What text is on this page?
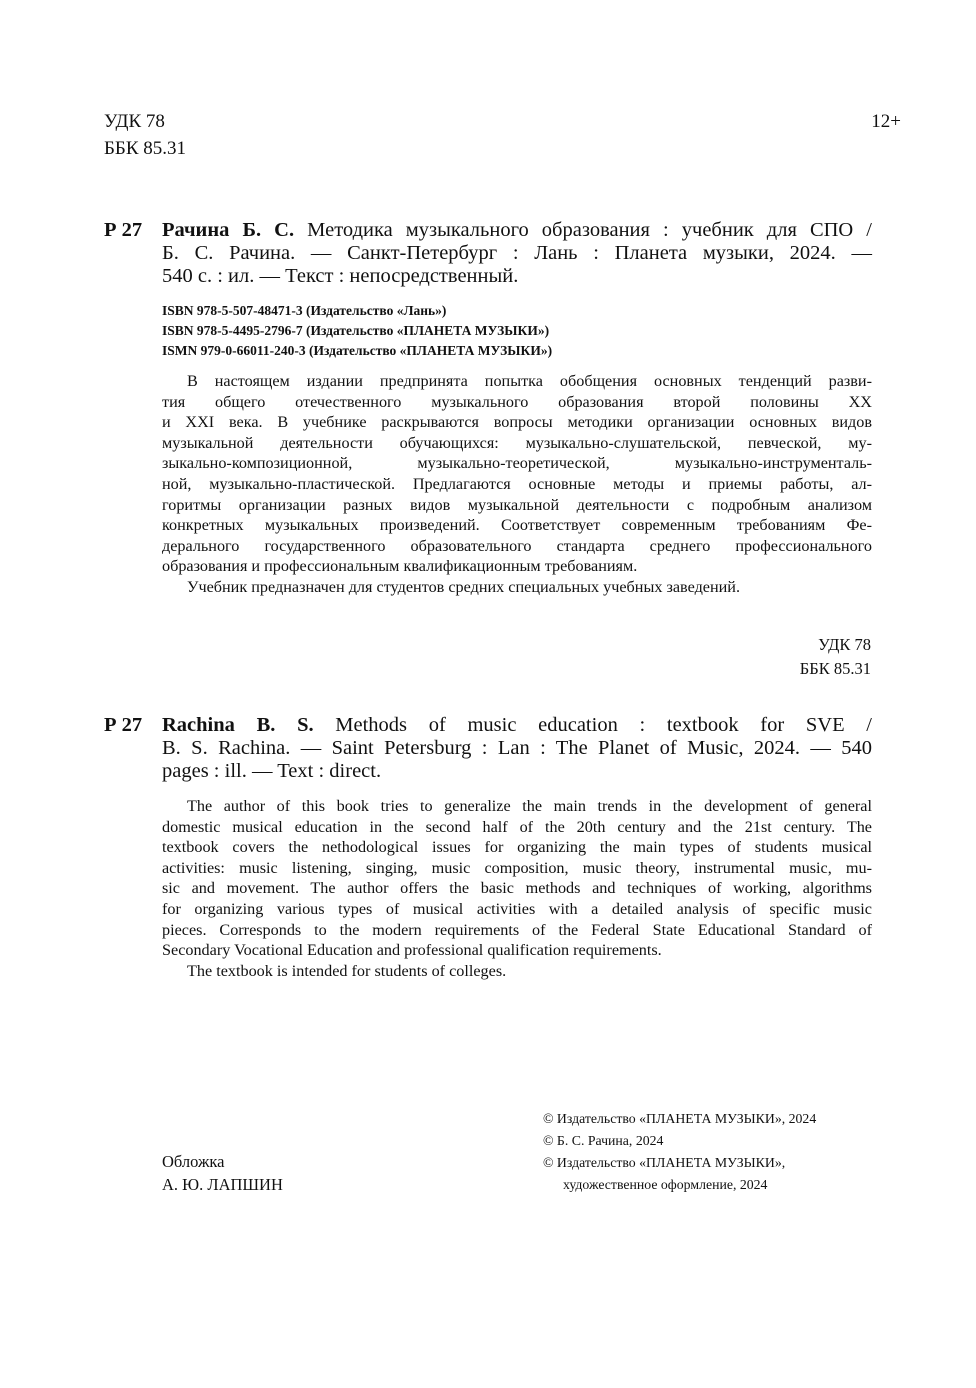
УДК 78
ББК 85.31
12+
Р 27 Рачина Б. С. Методика музыкального образования : учебник для СПО /
Б. С. Рачина. — Санкт-Петербург : Лань : Планета музыки, 2024. —
540 с. : ил. — Текст : непосредственный.
ISBN 978-5-507-48471-3 (Издательство «Лань»)
ISBN 978-5-4495-2796-7 (Издательство «ПЛАНЕТА МУЗЫКИ»)
ISMN 979-0-66011-240-3 (Издательство «ПЛАНЕТА МУЗЫКИ»)
В настоящем издании предпринята попытка обобщения основных тенденций разви-
тия общего отечественного музыкального образования второй половины XX
и XXI века. В учебнике раскрываются вопросы методики организации основных видов
музыкальной деятельности обучающихся: музыкально-слушательской, певческой, му-
зыкально-композиционной, музыкально-теоретической, музыкально-инструменталь-
ной, музыкально-пластической. Предлагаются основные методы и приемы работы, ал-
горитмы организации разных видов музыкальной деятельности с подробным анализом
конкретных музыкальных произведений. Соответствует современным требованиям Фе-
дерального государственного образовательного стандарта среднего профессионального
образования и профессиональным квалификационным требованиям.
Учебник предназначен для студентов средних специальных учебных заведений.
УДК 78
ББК 85.31
Р 27 Rachina B. S. Methods of music education : textbook for SVE /
B. S. Rachina. — Saint Petersburg : Lan : The Planet of Music, 2024. — 540
pages : ill. — Text : direct.
The author of this book tries to generalize the main trends in the development of general
domestic musical education in the second half of the 20th century and the 21st century. The
textbook covers the nethodological issues for organizing the main types of students musical
activities: music listening, singing, music composition, music theory, instrumental music, mu-
sic and movement. The author offers the basic methods and techniques of working, algorithms
for organizing various types of musical activities with a detailed analysis of specific music
pieces. Corresponds to the modern requirements of the Federal State Educational Standard of
Secondary Vocational Education and professional qualification requirements.
The textbook is intended for students of colleges.
Обложка
А. Ю. ЛАПШИН
© Издательство «ПЛАНЕТА МУЗЫКИ», 2024
© Б. С. Рачина, 2024
© Издательство «ПЛАНЕТА МУЗЫКИ»,
художественное оформление, 2024
